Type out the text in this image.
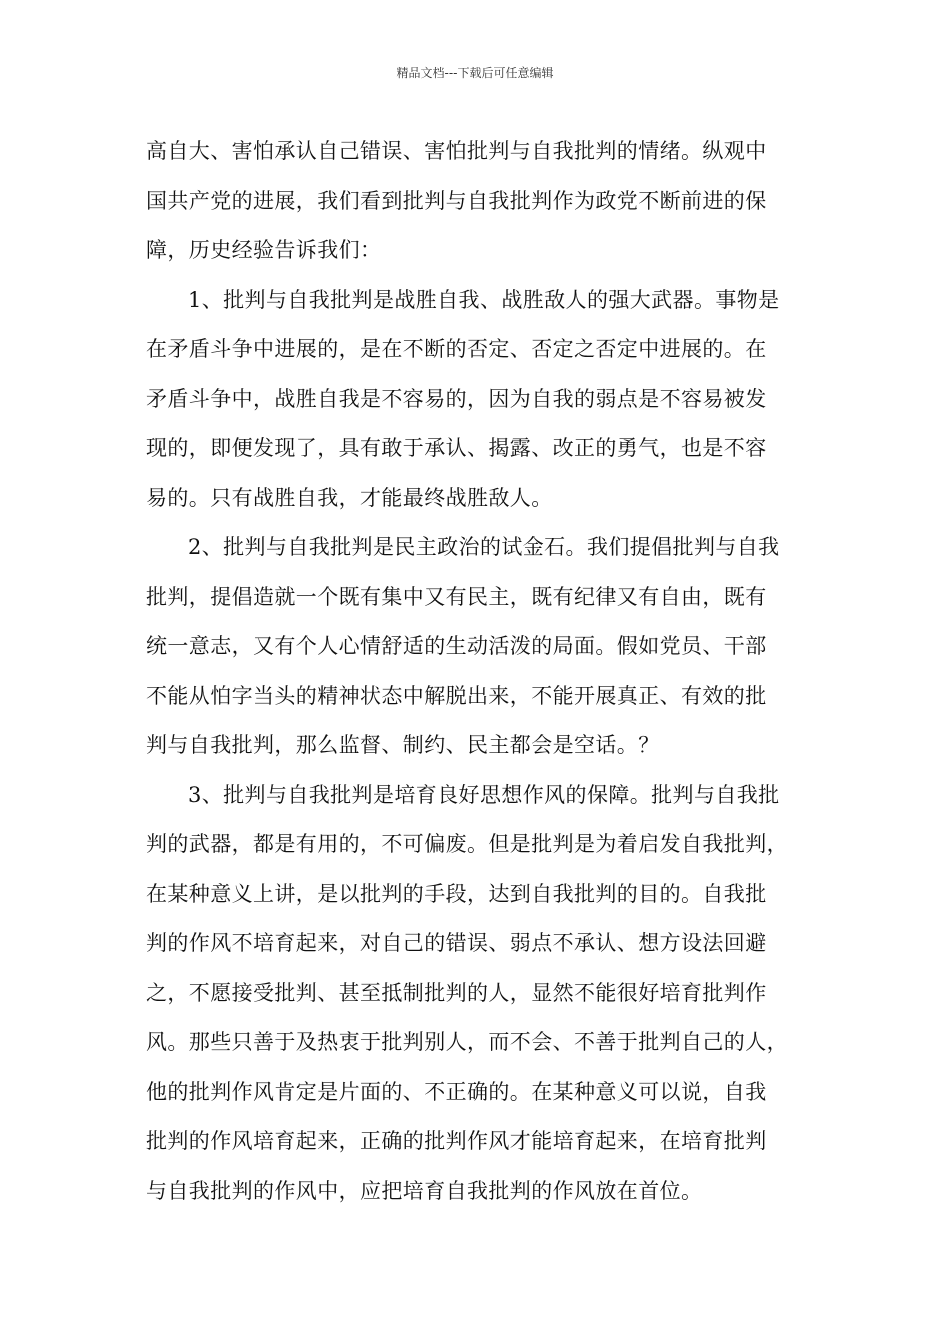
精品文档---下载后可任意编辑
高自大、害怕承认自己错误、害怕批判与自我批判的情绪。纵观中
国共产党的进展，我们看到批判与自我批判作为政党不断前进的保
障，历史经验告诉我们：
1、批判与自我批判是战胜自我、战胜敌人的强大武器。事物是
在矛盾斗争中进展的，是在不断的否定、否定之否定中进展的。在
矛盾斗争中，战胜自我是不容易的，因为自我的弱点是不容易被发
现的，即便发现了，具有敢于承认、揭露、改正的勇气，也是不容
易的。只有战胜自我，才能最终战胜敌人。
2、批判与自我批判是民主政治的试金石。我们提倡批判与自我
批判，提倡造就一个既有集中又有民主，既有纪律又有自由，既有
统一意志，又有个人心情舒适的生动活泼的局面。假如党员、干部
不能从怕字当头的精神状态中解脱出来，不能开展真正、有效的批
判与自我批判，那么监督、制约、民主都会是空话。？
3、批判与自我批判是培育良好思想作风的保障。批判与自我批
判的武器，都是有用的，不可偏废。但是批判是为着启发自我批判，
在某种意义上讲，是以批判的手段，达到自我批判的目的。自我批
判的作风不培育起来，对自己的错误、弱点不承认、想方设法回避
之，不愿接受批判、甚至抵制批判的人，显然不能很好培育批判作
风。那些只善于及热衷于批判别人，而不会、不善于批判自己的人，
他的批判作风肯定是片面的、不正确的。在某种意义可以说，自我
批判的作风培育起来，正确的批判作风才能培育起来，在培育批判
与自我批判的作风中，应把培育自我批判的作风放在首位。
